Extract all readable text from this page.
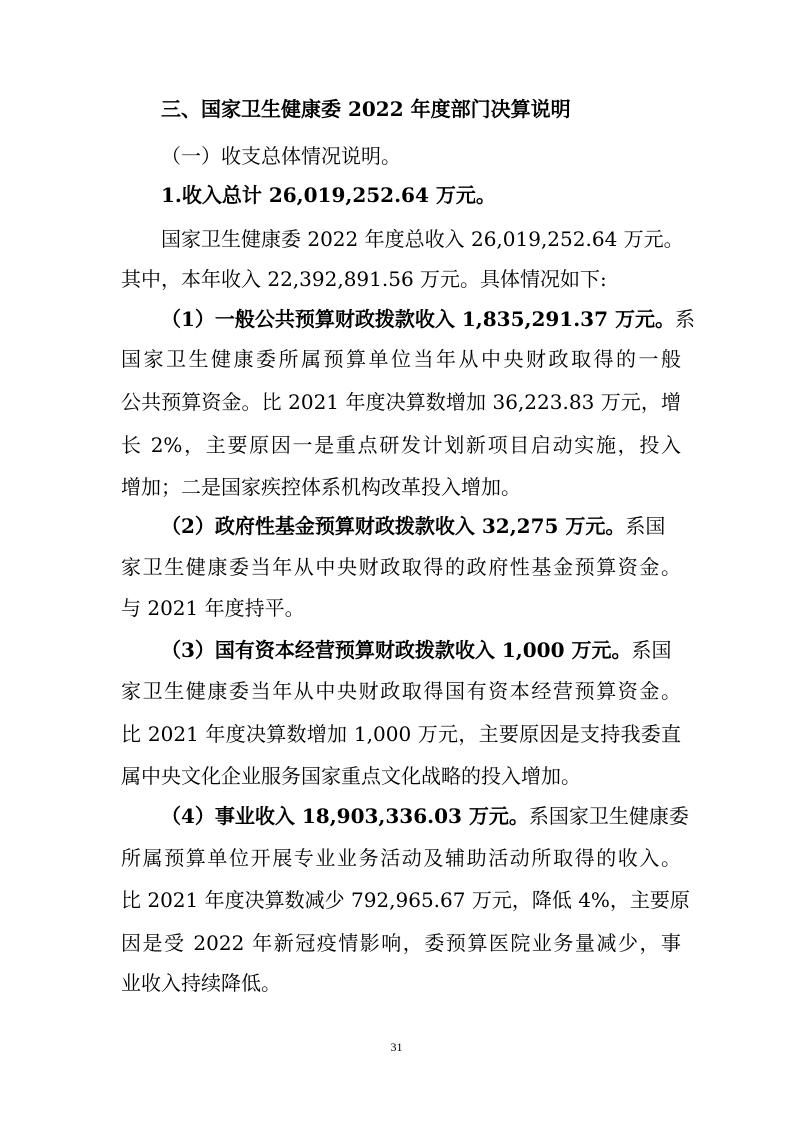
三、国家卫生健康委 2022 年度部门决算说明
（一）收支总体情况说明。
1.收入总计 26,019,252.64 万元。
国家卫生健康委 2022 年度总收入 26,019,252.64 万元。
其中，本年收入 22,392,891.56 万元。具体情况如下:
（1）一般公共预算财政拨款收入 1,835,291.37 万元。系
国家卫生健康委所属预算单位当年从中央财政取得的一般
公共预算资金。比 2021 年度决算数增加 36,223.83 万元，增
长 2%，主要原因一是重点研发计划新项目启动实施，投入
增加；二是国家疾控体系机构改革投入增加。
（2）政府性基金预算财政拨款收入 32,275 万元。系国
家卫生健康委当年从中央财政取得的政府性基金预算资金。
与 2021 年度持平。
（3）国有资本经营预算财政拨款收入 1,000 万元。系国
家卫生健康委当年从中央财政取得国有资本经营预算资金。
比 2021 年度决算数增加 1,000 万元，主要原因是支持我委直
属中央文化企业服务国家重点文化战略的投入增加。
（4）事业收入 18,903,336.03 万元。系国家卫生健康委
所属预算单位开展专业业务活动及辅助活动所取得的收入。
比 2021 年度决算数减少 792,965.67 万元，降低 4%，主要原
因是受 2022 年新冠疫情影响，委预算医院业务量减少，事
业收入持续降低。
31
